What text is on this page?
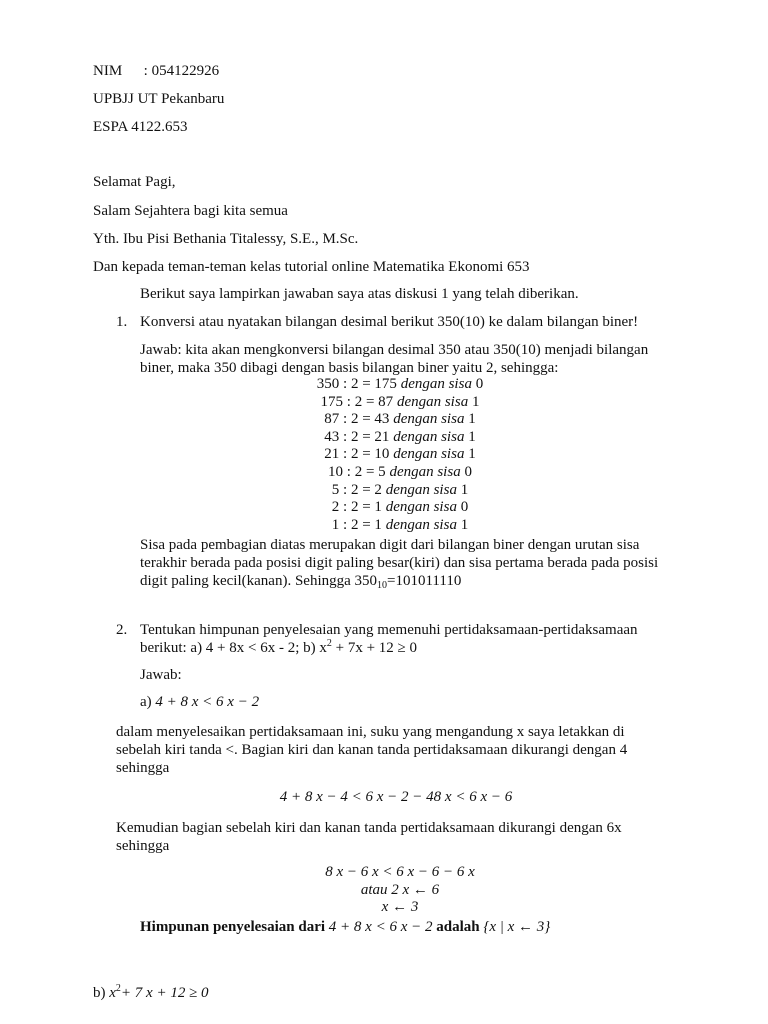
NIM : 054122926
UPBJJ UT Pekanbaru
ESPA 4122.653
Selamat Pagi,
Salam Sejahtera bagi kita semua
Yth. Ibu Pisi Bethania Titalessy, S.E., M.Sc.
Dan kepada teman-teman kelas tutorial online Matematika Ekonomi 653
Berikut saya lampirkan jawaban saya atas diskusi 1 yang telah diberikan.
1. Konversi atau nyatakan bilangan desimal berikut 350(10) ke dalam bilangan biner!
Jawab: kita akan mengkonversi bilangan desimal 350 atau 350(10) menjadi bilangan
biner, maka 350 dibagi dengan basis bilangan biner yaitu 2, sehingga:
350 : 2 = 175 dengan sisa 0
175 : 2 = 87 dengan sisa 1
87 : 2 = 43 dengan sisa 1
43 : 2 = 21 dengan sisa 1
21 : 2 = 10 dengan sisa 1
10 : 2 = 5 dengan sisa 0
5 : 2 = 2 dengan sisa 1
2 : 2 = 1 dengan sisa 0
1 : 2 = 1 dengan sisa 1
Sisa pada pembagian diatas merupakan digit dari bilangan biner dengan urutan sisa
terakhir berada pada posisi digit paling besar(kiri) dan sisa pertama berada pada posisi
digit paling kecil(kanan). Sehingga $350_{10}=101011110$
2. Tentukan himpunan penyelesaian yang memenuhi pertidaksamaan-pertidaksamaan
berikut: a) 4 + 8x < 6x - 2; b) $x^2 + 7x + 12 \ge 0$
Jawab:
a) 4 + 8 x < 6 x − 2
dalam menyelesaikan pertidaksamaan ini, suku yang mengandung x saya letakkan di
sebelah kiri tanda <. Bagian kiri dan kanan tanda pertidaksamaan dikurangi dengan 4
sehingga
4 + 8 x − 4 < 6 x − 2 − 48 x < 6 x − 6
Kemudian bagian sebelah kiri dan kanan tanda pertidaksamaan dikurangi dengan 6x
sehingga
8 x − 6 x < 6 x − 6 − 6 x
atau 2 x ← 6
x ← 3
Himpunan penyelesaian dari 4 + 8 x < 6 x − 2 adalah {x | x ← 3}
b) $x^2+ 7$ x + 12 ≥ 0
